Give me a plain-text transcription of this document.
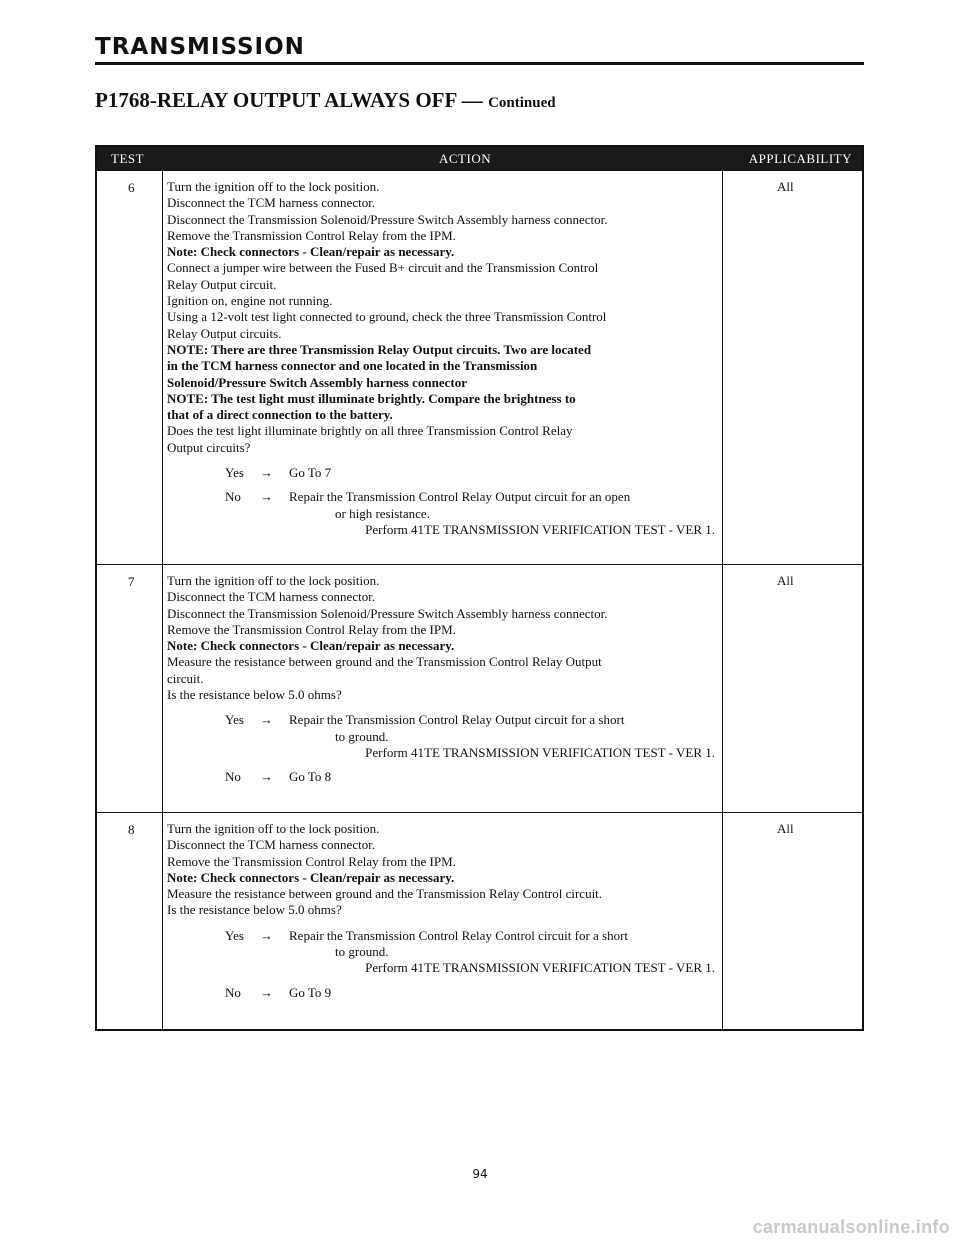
TRANSMISSION
P1768-RELAY OUTPUT ALWAYS OFF — Continued
TEST	ACTION	APPLICABILITY
6	Turn the ignition off to the lock position.
Disconnect the TCM harness connector.
Disconnect the Transmission Solenoid/Pressure Switch Assembly harness connector.
Remove the Transmission Control Relay from the IPM.
Note: Check connectors - Clean/repair as necessary.
Connect a jumper wire between the Fused B+ circuit and the Transmission Control
Relay Output circuit.
Ignition on, engine not running.
Using a 12-volt test light connected to ground, check the three Transmission Control
Relay Output circuits.
NOTE: There are three Transmission Relay Output circuits. Two are located
in the TCM harness connector and one located in the Transmission
Solenoid/Pressure Switch Assembly harness connector
NOTE: The test light must illuminate brightly. Compare the brightness to
that of a direct connection to the battery.
Does the test light illuminate brightly on all three Transmission Control Relay
Output circuits?
Yes → Go To 7
No → Repair the Transmission Control Relay Output circuit for an open
or high resistance.
Perform 41TE TRANSMISSION VERIFICATION TEST - VER 1.
All
7	Turn the ignition off to the lock position.
Disconnect the TCM harness connector.
Disconnect the Transmission Solenoid/Pressure Switch Assembly harness connector.
Remove the Transmission Control Relay from the IPM.
Note: Check connectors - Clean/repair as necessary.
Measure the resistance between ground and the Transmission Control Relay Output
circuit.
Is the resistance below 5.0 ohms?
Yes → Repair the Transmission Control Relay Output circuit for a short
to ground.
Perform 41TE TRANSMISSION VERIFICATION TEST - VER 1.
No → Go To 8
All
8	Turn the ignition off to the lock position.
Disconnect the TCM harness connector.
Remove the Transmission Control Relay from the IPM.
Note: Check connectors - Clean/repair as necessary.
Measure the resistance between ground and the Transmission Relay Control circuit.
Is the resistance below 5.0 ohms?
Yes → Repair the Transmission Control Relay Control circuit for a short
to ground.
Perform 41TE TRANSMISSION VERIFICATION TEST - VER 1.
No → Go To 9
All
94
carmanualsonline.info
